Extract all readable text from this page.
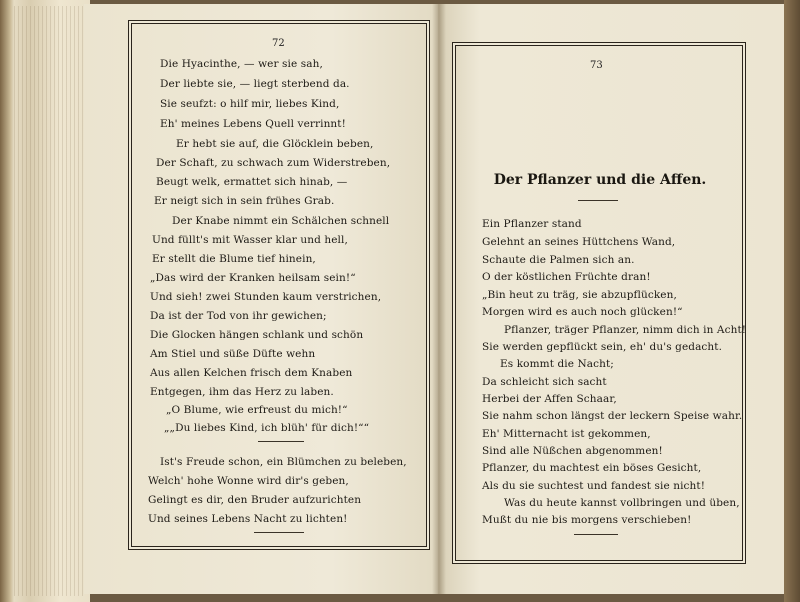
72
Die Hyacinthe, — wer sie sah,
Der liebte sie, — liegt sterbend da.
Sie seufzt: o hilf mir, liebes Kind,
Eh' meines Lebens Quell verrinnt!
Er hebt sie auf, die Glöcklein beben,
Der Schaft, zu schwach zum Widerstreben,
Beugt welk, ermattet sich hinab, —
Er neigt sich in sein frühes Grab.
Der Knabe nimmt ein Schälchen schnell
Und füllt's mit Wasser klar und hell,
Er stellt die Blume tief hinein,
„Das wird der Kranken heilsam sein!“
Und sieh! zwei Stunden kaum verstrichen,
Da ist der Tod von ihr gewichen;
Die Glocken hängen schlank und schön
Am Stiel und süße Düfte wehn
Aus allen Kelchen frisch dem Knaben
Entgegen, ihm das Herz zu laben.
„O Blume, wie erfreust du mich!“
„„Du liebes Kind, ich blüh' für dich!““
Ist's Freude schon, ein Blümchen zu beleben,
Welch' hohe Wonne wird dir's geben,
Gelingt es dir, den Bruder aufzurichten
Und seines Lebens Nacht zu lichten!
73
Der Pflanzer und die Affen.
Ein Pflanzer stand
Gelehnt an seines Hüttchens Wand,
Schaute die Palmen sich an.
O der köstlichen Früchte dran!
„Bin heut zu träg, sie abzupflücken,
Morgen wird es auch noch glücken!“
Pflanzer, träger Pflanzer, nimm dich in Acht!
Sie werden gepflückt sein, eh' du's gedacht.
Es kommt die Nacht;
Da schleicht sich sacht
Herbei der Affen Schaar,
Sie nahm schon längst der leckern Speise wahr.
Eh' Mitternacht ist gekommen,
Sind alle Nüßchen abgenommen!
Pflanzer, du machtest ein böses Gesicht,
Als du sie suchtest und fandest sie nicht!
Was du heute kannst vollbringen und üben,
Mußt du nie bis morgens verschieben!
